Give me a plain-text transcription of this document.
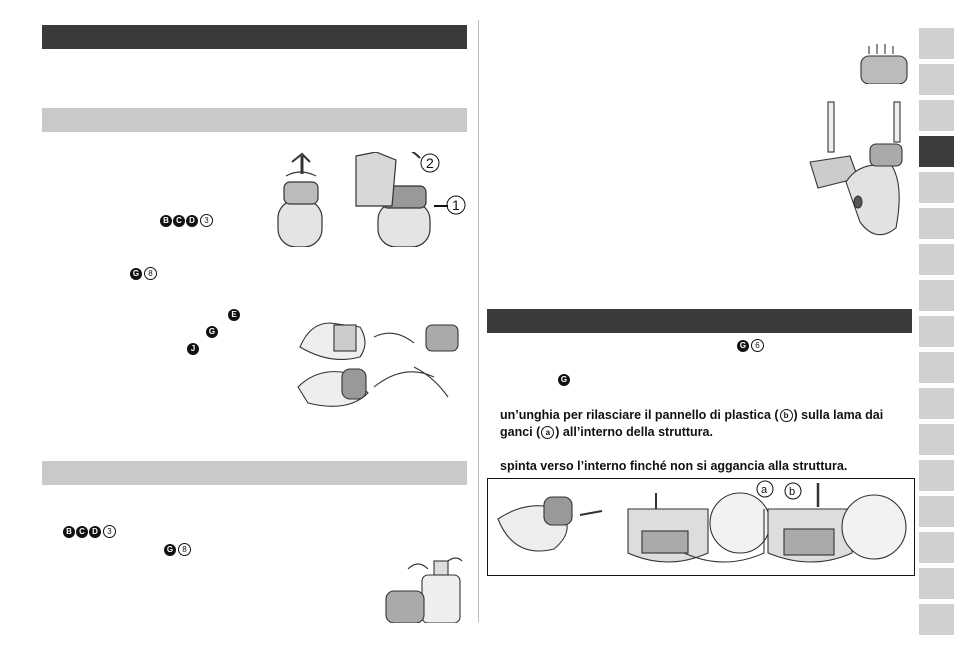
B C D 3
G 8
E
G
J
B C D 3
G 8
2
1
G 6
G
un’unghia per rilasciare il pannello di plastica ( b ) sulla lama dai ganci ( a ) all’interno della struttura.
spinta verso l’interno finché non si aggancia alla struttura.
a b
